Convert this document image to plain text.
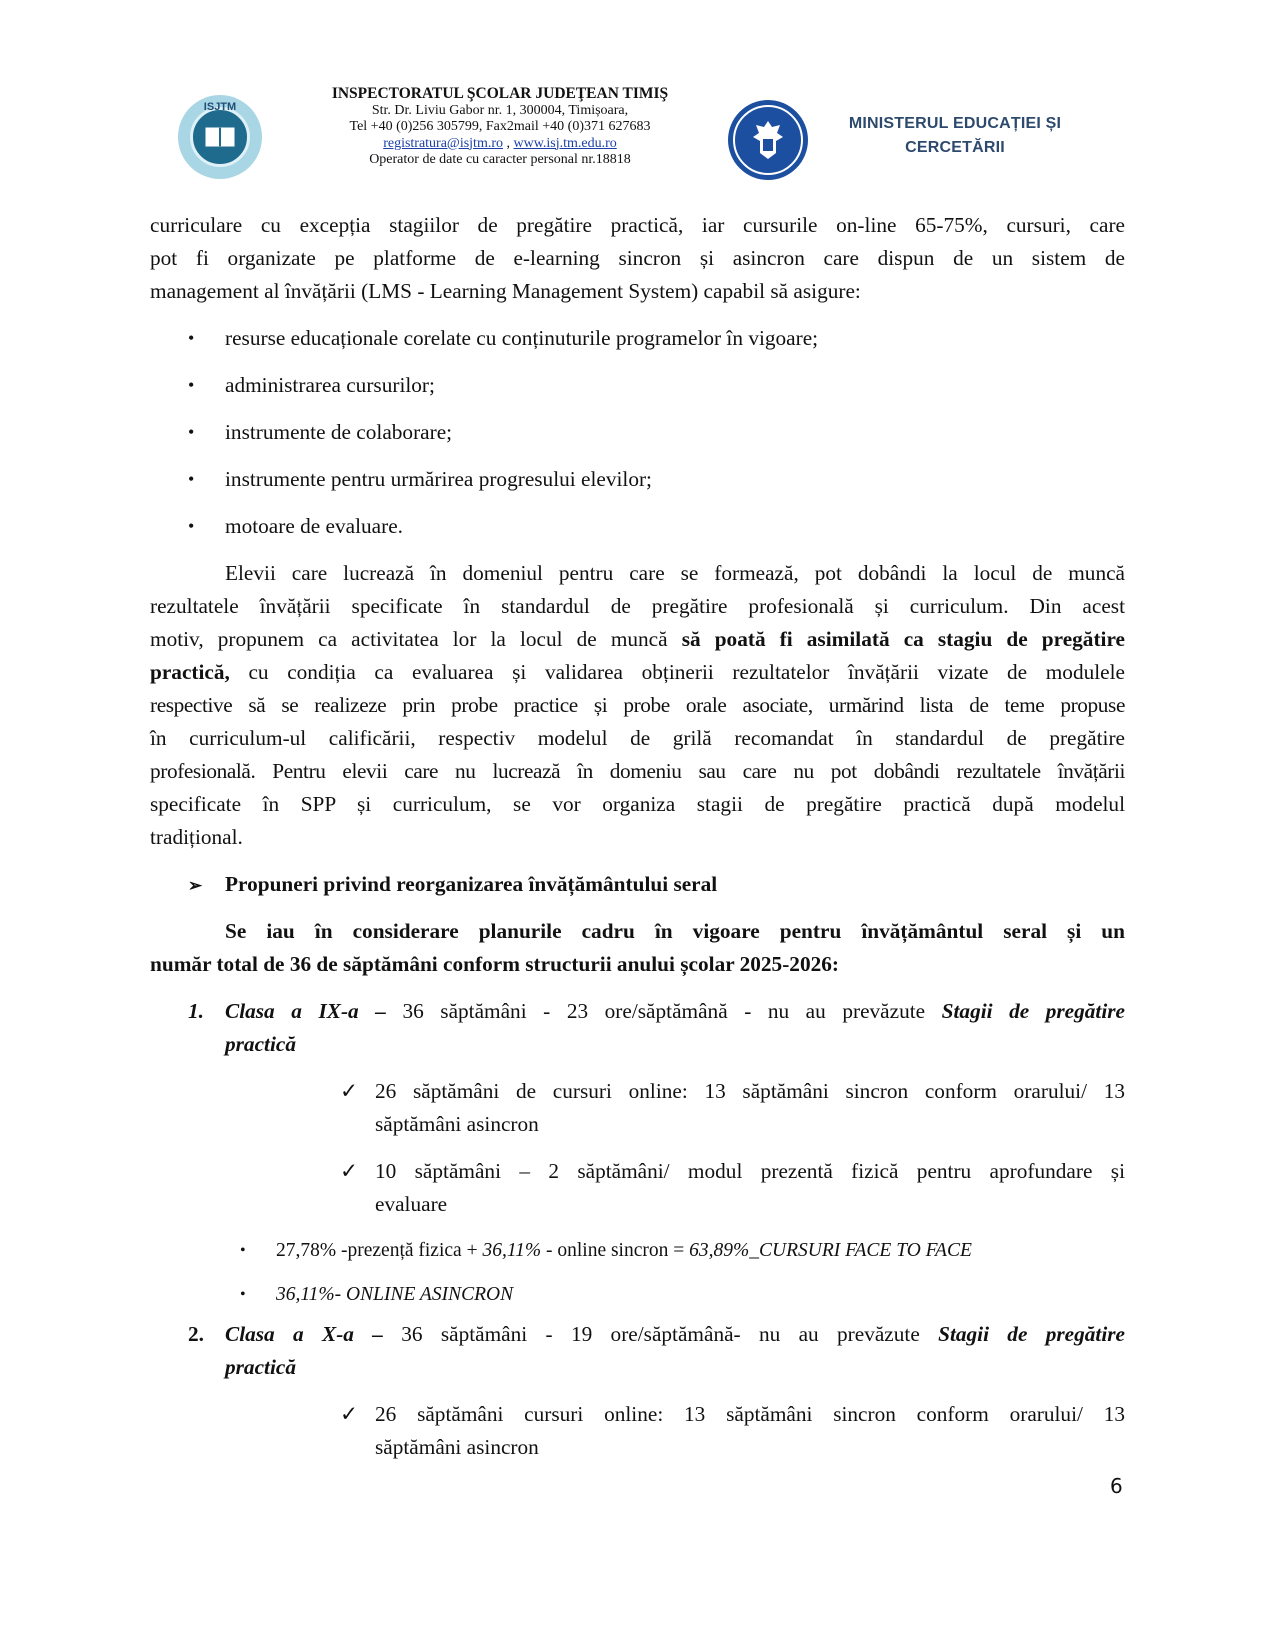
ISJTM
INSPECTORATUL ŞCOLAR JUDEŢEAN TIMIŞ
Str. Dr. Liviu Gabor nr. 1, 300004, Timișoara,
Tel +40 (0)256 305799, Fax2mail +40 (0)371 627683
registratura@isjtm.ro , www.isj.tm.edu.ro
Operator de date cu caracter personal nr.18818
MINISTERUL EDUCAȚIEI ȘI
CERCETĂRII
curriculare cu excepția stagiilor de pregătire practică, iar cursurile on-line 65-75%, cursuri, care
pot fi organizate pe platforme de e-learning sincron și asincron care dispun de un sistem de
management al învățării (LMS - Learning Management System) capabil să asigure:
• resurse educaționale corelate cu conținuturile programelor în vigoare;
• administrarea cursurilor;
• instrumente de colaborare;
• instrumente pentru urmărirea progresului elevilor;
• motoare de evaluare.
Elevii care lucrează în domeniul pentru care se formează, pot dobândi la locul de muncă
rezultatele învățării specificate în standardul de pregătire profesională și curriculum. Din acest
motiv, propunem ca activitatea lor la locul de muncă să poată fi asimilată ca stagiu de pregătire
practică, cu condiția ca evaluarea și validarea obținerii rezultatelor învățării vizate de modulele
respective să se realizeze prin probe practice și probe orale asociate, urmărind lista de teme propuse
în curriculum-ul calificării, respectiv modelul de grilă recomandat în standardul de pregătire
profesională. Pentru elevii care nu lucrează în domeniu sau care nu pot dobândi rezultatele învățării
specificate în SPP și curriculum, se vor organiza stagii de pregătire practică după modelul
tradițional.
➢ Propuneri privind reorganizarea învățământului seral
Se iau în considerare planurile cadru în vigoare pentru învățământul seral și un
număr total de 36 de săptămâni conform structurii anului școlar 2025-2026:
1. Clasa a IX-a – 36 săptămâni - 23 ore/săptămână - nu au prevăzute Stagii de pregătire
practică
✓ 26 săptămâni de cursuri online: 13 săptămâni sincron conform orarului/ 13
săptămâni asincron
✓ 10 săptămâni – 2 săptămâni/ modul prezentă fizică pentru aprofundare și
evaluare
• 27,78% -prezență fizica + 36,11% - online sincron = 63,89%_CURSURI FACE TO FACE
• 36,11%- ONLINE ASINCRON
2. Clasa a X-a – 36 săptămâni - 19 ore/săptămână- nu au prevăzute Stagii de pregătire
practică
✓ 26 săptămâni cursuri online: 13 săptămâni sincron conform orarului/ 13
săptămâni asincron
6
